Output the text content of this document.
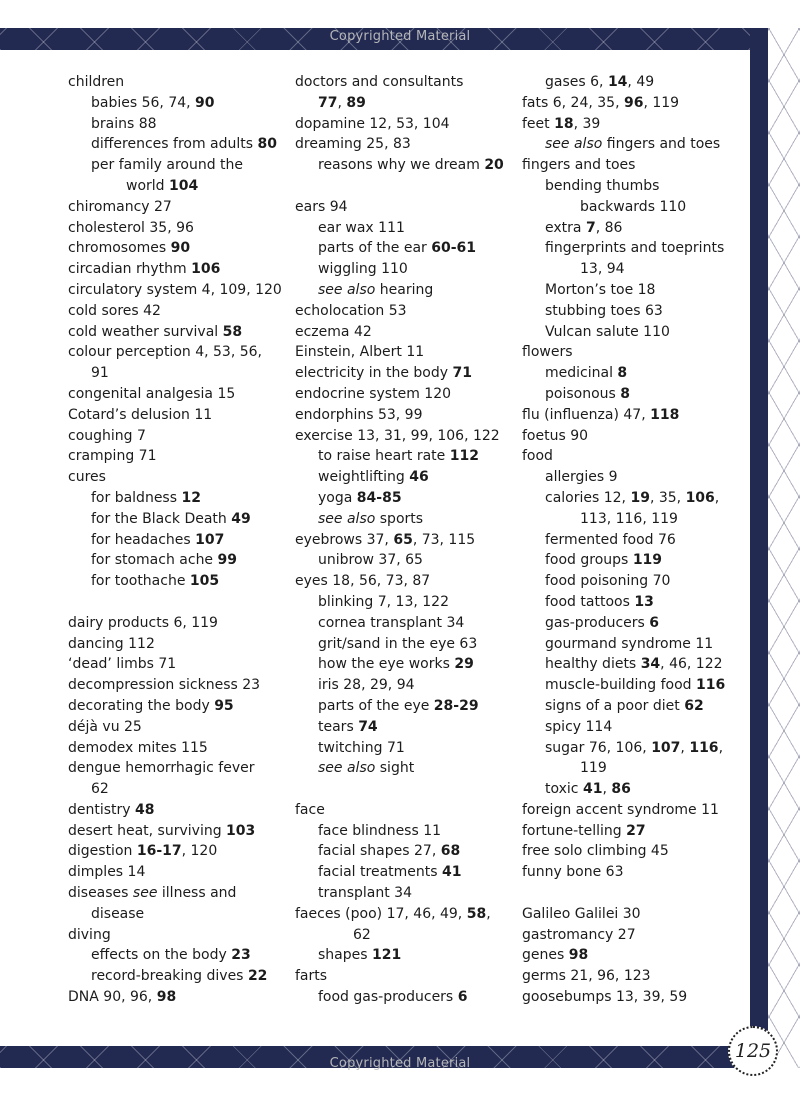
Copyrighted Material
Copyrighted Material
children
babies 56, 74, 90
brains 88
differences from adults 80
per family around the
world 104
chiromancy 27
cholesterol 35, 96
chromosomes 90
circadian rhythm 106
circulatory system 4, 109, 120
cold sores 42
cold weather survival 58
colour perception 4, 53, 56,
91
congenital analgesia 15
Cotard’s delusion 11
coughing 7
cramping 71
cures
for baldness 12
for the Black Death 49
for headaches 107
for stomach ache 99
for toothache 105
dairy products 6, 119
dancing 112
‘dead’ limbs 71
decompression sickness 23
decorating the body 95
déjà vu 25
demodex mites 115
dengue hemorrhagic fever
62
dentistry 48
desert heat, surviving 103
digestion 16-17, 120
dimples 14
diseases see illness and
disease
diving
effects on the body 23
record-breaking dives 22
DNA 90, 96, 98
doctors and consultants
77, 89
dopamine 12, 53, 104
dreaming 25, 83
reasons why we dream 20
ears 94
ear wax 111
parts of the ear 60-61
wiggling 110
see also hearing
echolocation 53
eczema 42
Einstein, Albert 11
electricity in the body 71
endocrine system 120
endorphins 53, 99
exercise 13, 31, 99, 106, 122
to raise heart rate 112
weightlifting 46
yoga 84-85
see also sports
eyebrows 37, 65, 73, 115
unibrow 37, 65
eyes 18, 56, 73, 87
blinking 7, 13, 122
cornea transplant 34
grit/sand in the eye 63
how the eye works 29
iris 28, 29, 94
parts of the eye 28-29
tears 74
twitching 71
see also sight
face
face blindness 11
facial shapes 27, 68
facial treatments 41
transplant 34
faeces (poo) 17, 46, 49, 58,
62
shapes 121
farts
food gas-producers 6
gases 6, 14, 49
fats 6, 24, 35, 96, 119
feet 18, 39
see also fingers and toes
fingers and toes
bending thumbs
backwards 110
extra 7, 86
fingerprints and toeprints
13, 94
Morton’s toe 18
stubbing toes 63
Vulcan salute 110
flowers
medicinal 8
poisonous 8
flu (influenza) 47, 118
foetus 90
food
allergies 9
calories 12, 19, 35, 106,
113, 116, 119
fermented food 76
food groups 119
food poisoning 70
food tattoos 13
gas-producers 6
gourmand syndrome 11
healthy diets 34, 46, 122
muscle-building food 116
signs of a poor diet 62
spicy 114
sugar 76, 106, 107, 116,
119
toxic 41, 86
foreign accent syndrome 11
fortune-telling 27
free solo climbing 45
funny bone 63
Galileo Galilei 30
gastromancy 27
genes 98
germs 21, 96, 123
goosebumps 13, 39, 59
125
